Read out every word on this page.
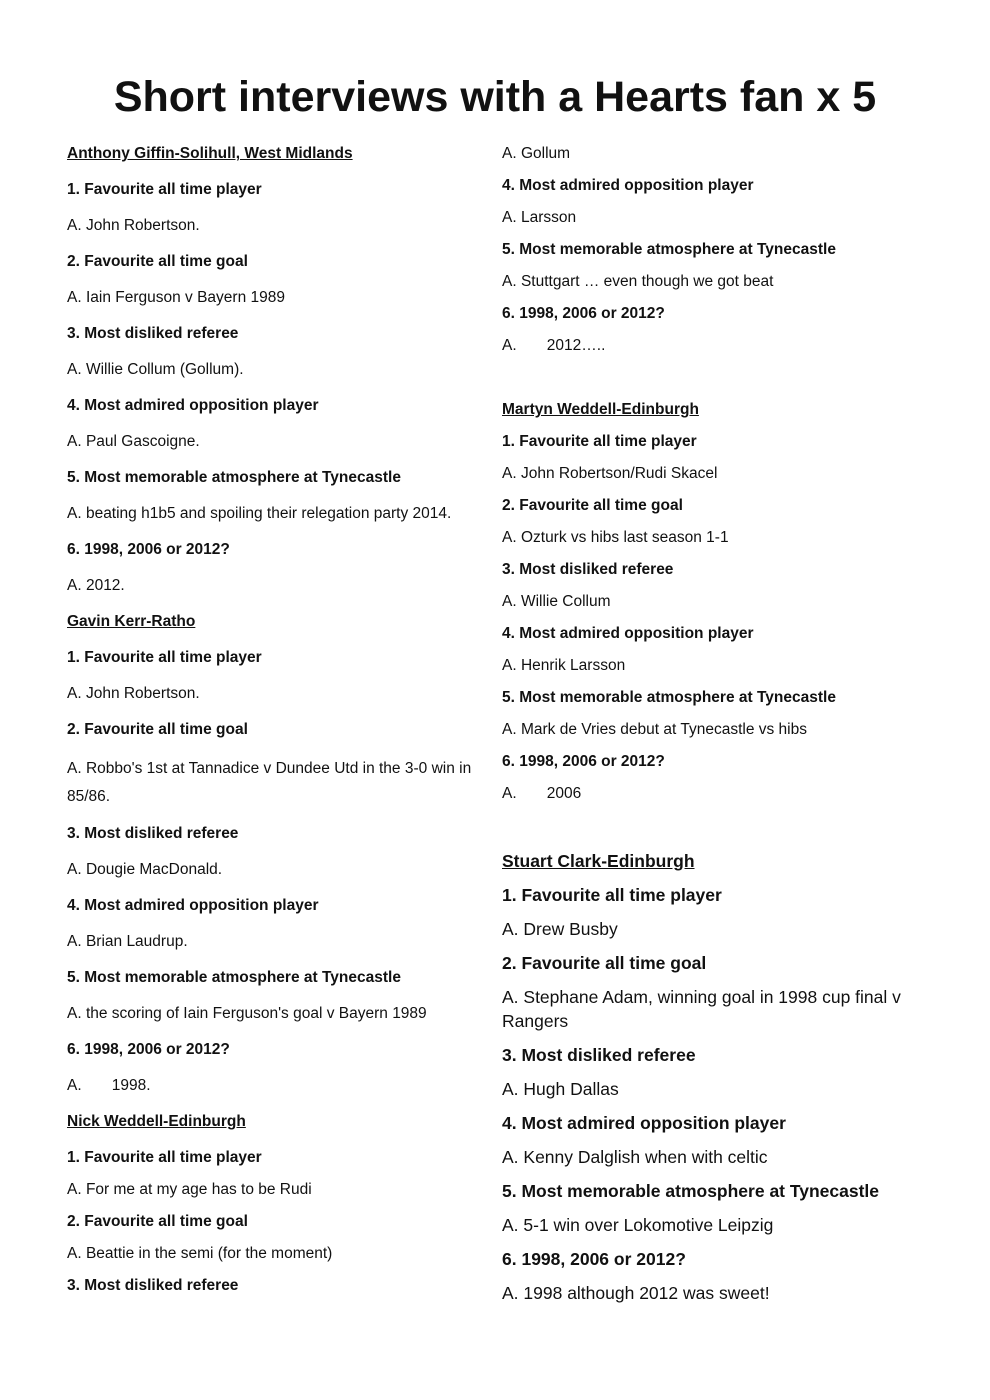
Short interviews with a Hearts fan x 5

Anthony Giffin-Solihull, West Midlands

1. Favourite all time player

A. John Robertson.

2. Favourite all time goal

A. Iain Ferguson v Bayern 1989

3. Most disliked referee

A. Willie Collum (Gollum).

4. Most admired opposition player

A. Paul Gascoigne.

5. Most memorable atmosphere at Tynecastle

A. beating h1b5 and spoiling their relegation party 2014.

6. 1998, 2006 or 2012?

A. 2012.

Gavin Kerr-Ratho

1. Favourite all time player

A. John Robertson.

2. Favourite all time goal

A. Robbo's 1st at Tannadice v Dundee Utd in the 3-0 win in 85/86.

3. Most disliked referee

A. Dougie MacDonald.

4. Most admired opposition player

A. Brian Laudrup.

5. Most memorable atmosphere at Tynecastle

A. the scoring of Iain Ferguson's goal v Bayern 1989

6. 1998, 2006 or 2012?

A.       1998.

Nick Weddell-Edinburgh

1. Favourite all time player

A. For me at my age has to be Rudi

2. Favourite all time goal

A. Beattie in the semi (for the moment)

3. Most disliked referee

A. Gollum

4. Most admired opposition player

A. Larsson

5. Most memorable atmosphere at Tynecastle

A. Stuttgart … even though we got beat

6. 1998, 2006 or 2012?

A.       2012…..

Martyn Weddell-Edinburgh

1. Favourite all time player

A. John Robertson/Rudi Skacel

2. Favourite all time goal

A. Ozturk vs hibs last season 1-1

3. Most disliked referee

A. Willie Collum

4. Most admired opposition player

A. Henrik Larsson

5. Most memorable atmosphere at Tynecastle

A. Mark de Vries debut at Tynecastle vs hibs

6. 1998, 2006 or 2012?

A.       2006

Stuart Clark-Edinburgh

1. Favourite all time player

A. Drew Busby

2. Favourite all time goal

A. Stephane Adam, winning goal in 1998 cup final v Rangers

3. Most disliked referee

A. Hugh Dallas

4. Most admired opposition player

A. Kenny Dalglish when with celtic

5. Most memorable atmosphere at Tynecastle

A. 5-1 win over Lokomotive Leipzig

6. 1998, 2006 or 2012?

A. 1998 although 2012 was sweet!
